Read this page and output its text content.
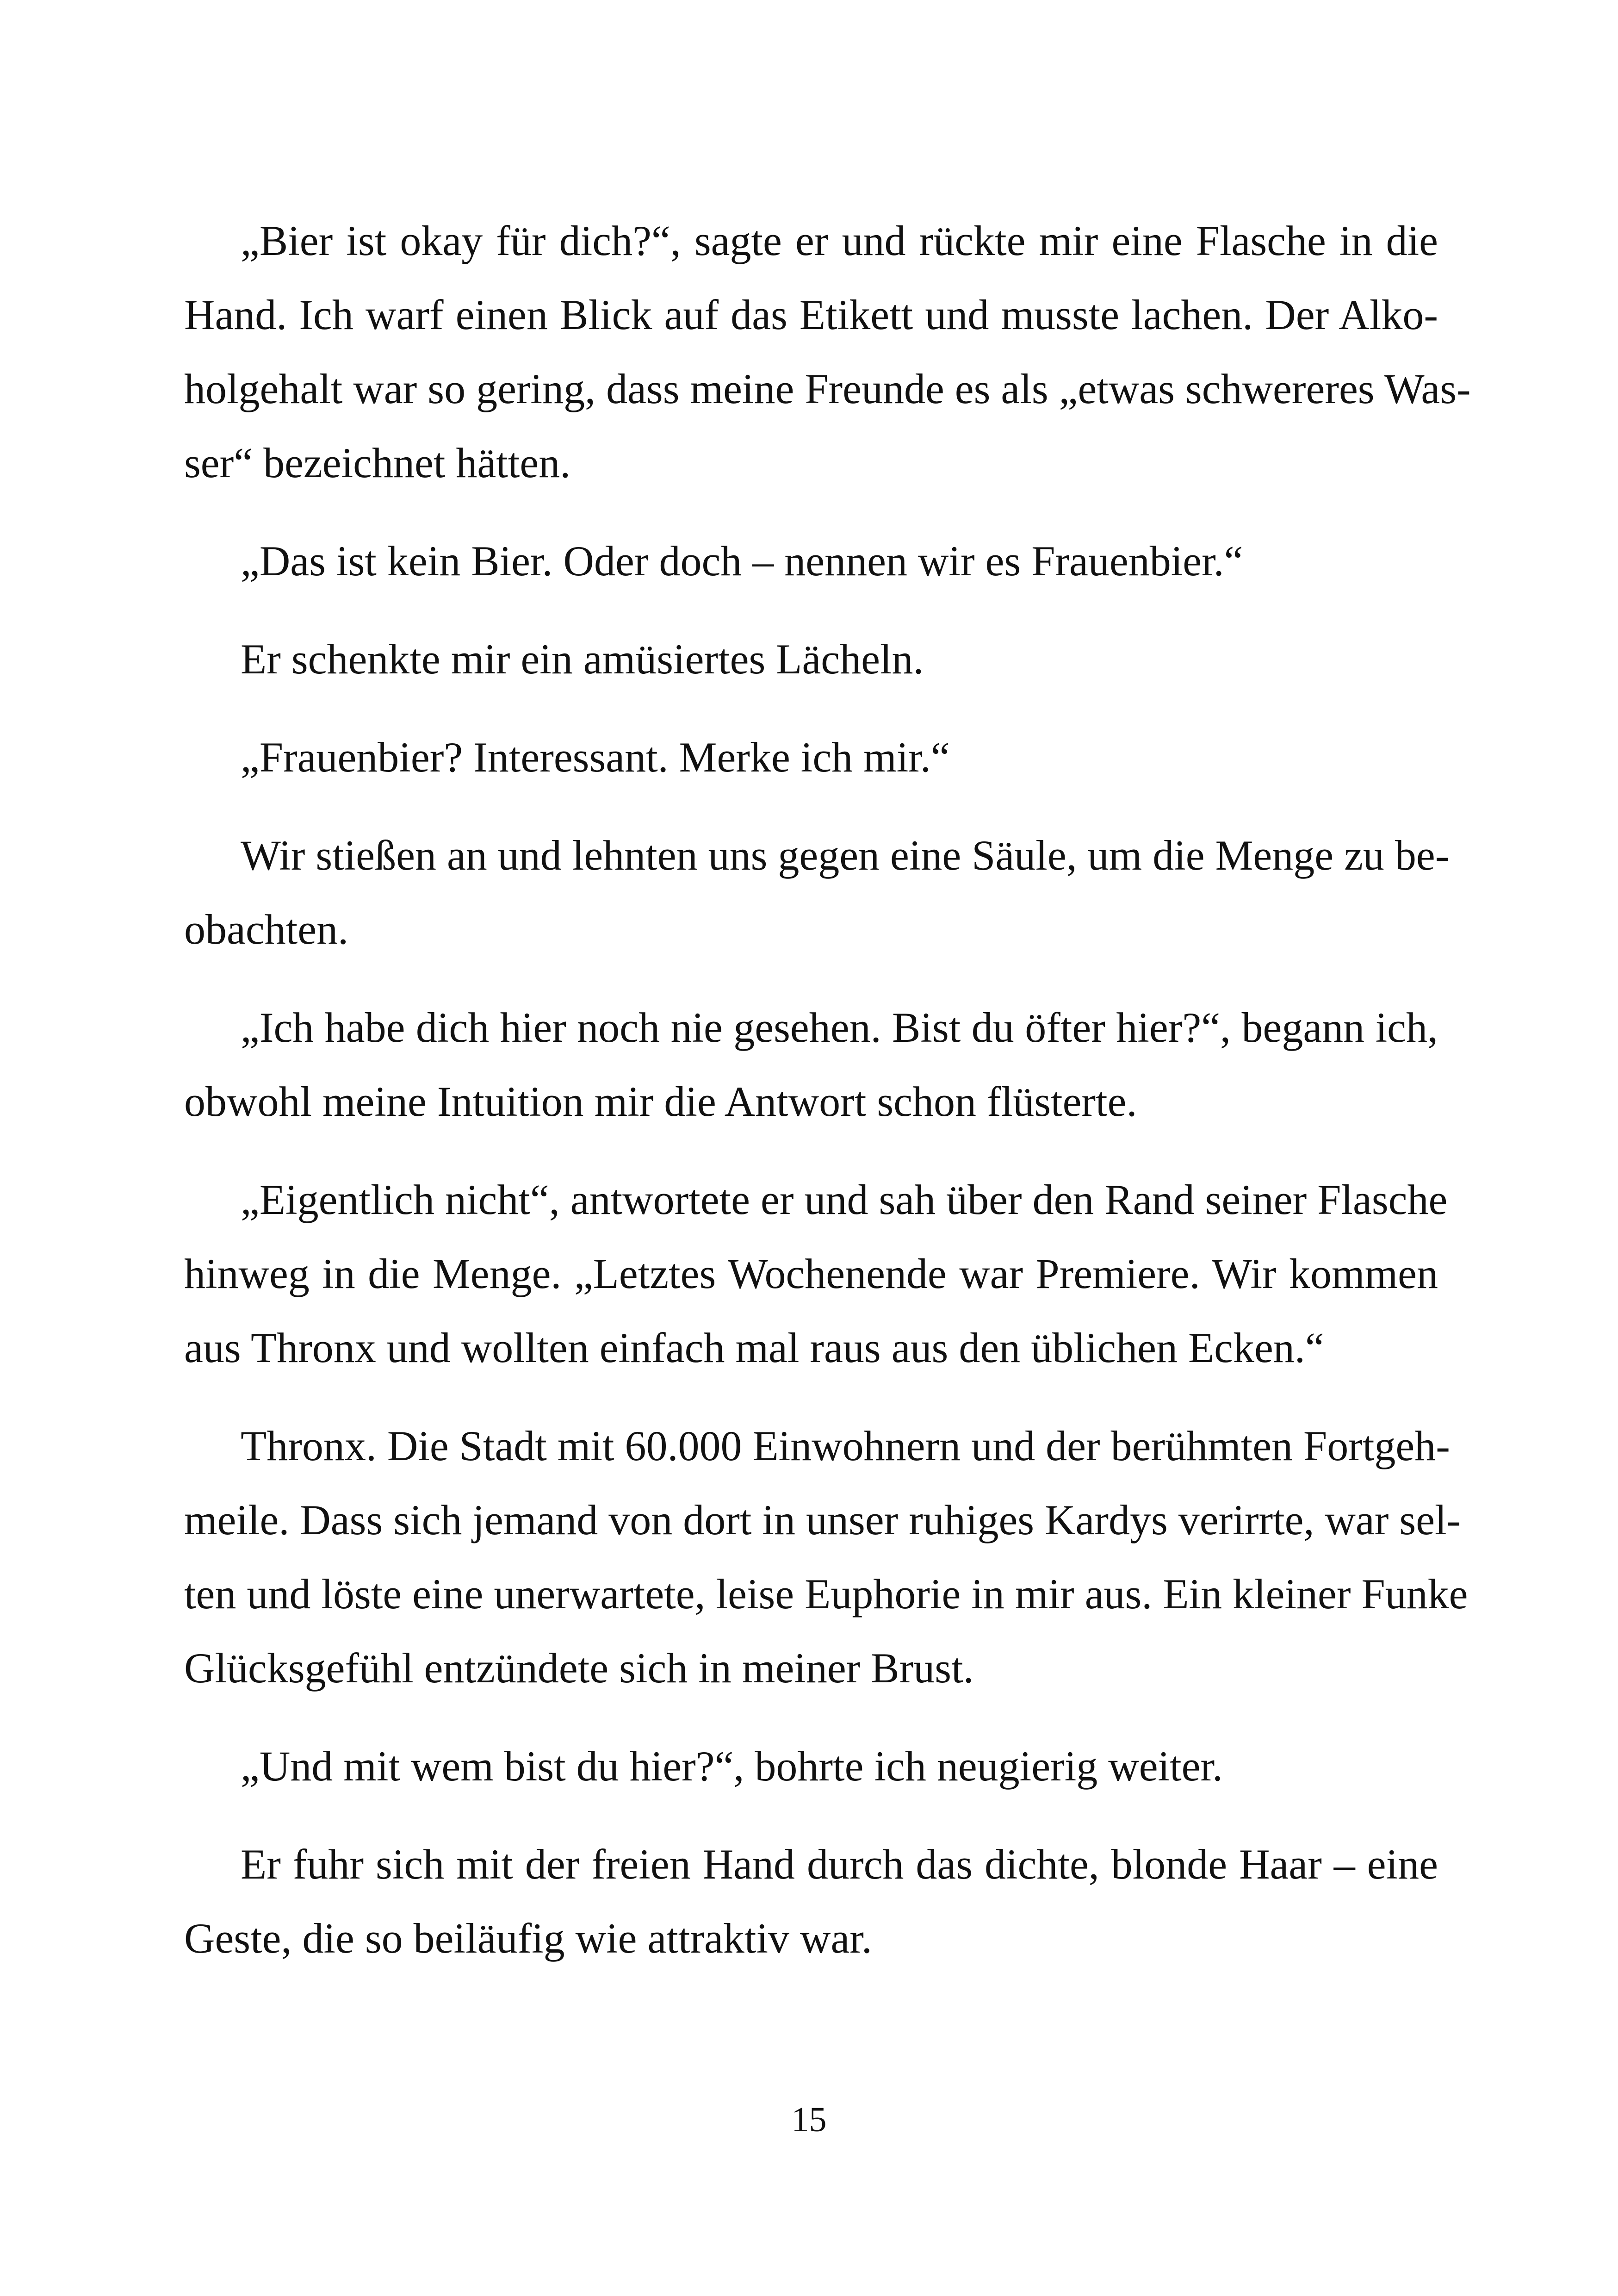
„Bier ist okay für dich?“, sagte er und rückte mir eine Flasche in die
Hand. Ich warf einen Blick auf das Etikett und musste lachen. Der Alko-
holgehalt war so gering, dass meine Freunde es als „etwas schwereres Was-
ser“ bezeichnet hätten.

„Das ist kein Bier. Oder doch – nennen wir es Frauenbier.“

Er schenkte mir ein amüsiertes Lächeln.

„Frauenbier? Interessant. Merke ich mir.“

Wir stießen an und lehnten uns gegen eine Säule, um die Menge zu be-
obachten.

„Ich habe dich hier noch nie gesehen. Bist du öfter hier?“, begann ich,
obwohl meine Intuition mir die Antwort schon flüsterte.

„Eigentlich nicht“, antwortete er und sah über den Rand seiner Flasche
hinweg in die Menge. „Letztes Wochenende war Premiere. Wir kommen
aus Thronx und wollten einfach mal raus aus den üblichen Ecken.“

Thronx. Die Stadt mit 60.000 Einwohnern und der berühmten Fortgeh-
meile. Dass sich jemand von dort in unser ruhiges Kardys verirrte, war sel-
ten und löste eine unerwartete, leise Euphorie in mir aus. Ein kleiner Funke
Glücksgefühl entzündete sich in meiner Brust.

„Und mit wem bist du hier?“, bohrte ich neugierig weiter.

Er fuhr sich mit der freien Hand durch das dichte, blonde Haar – eine
Geste, die so beiläufig wie attraktiv war.

15
